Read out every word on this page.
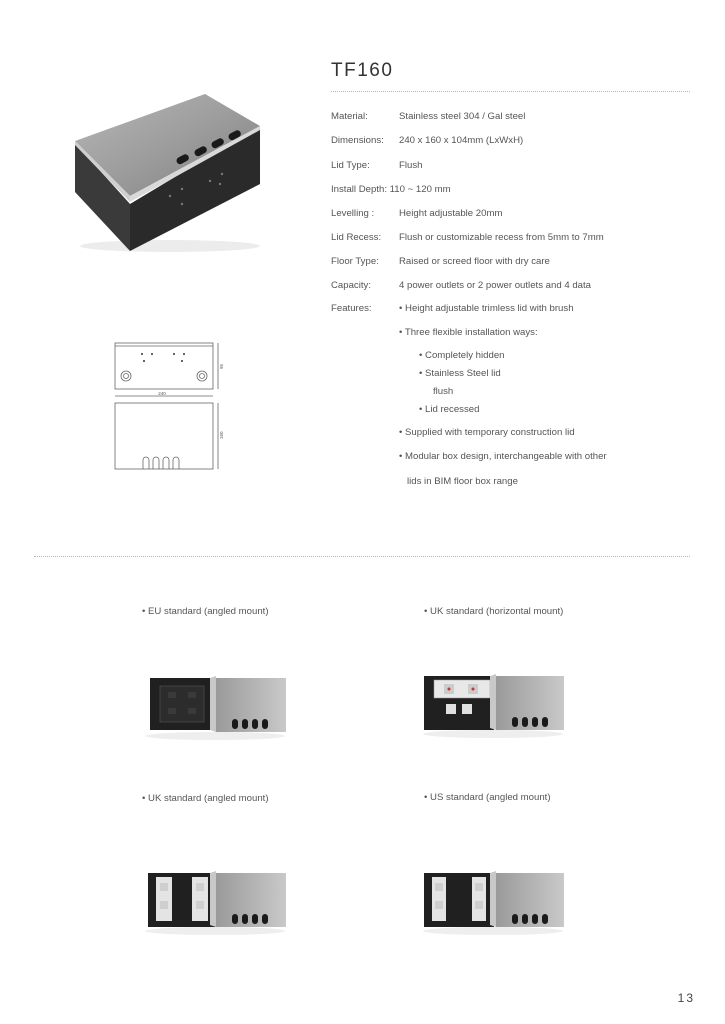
TF160
240
95
160
Material:	Stainless steel 304 / Gal steel
Dimensions: 240 x 160 x 104mm (LxWxH)
Lid Type:	Flush
Install Depth: 110 ~ 120 mm
Levelling :	Height adjustable 20mm
Lid Recess: Flush or customizable recess from 5mm to 7mm
Floor Type: Raised or screed floor with dry care
Capacity:	4 power outlets or 2 power outlets and 4 data
Features:	• Height adjustable trimless lid with brush
• Three flexible installation ways:
• Completely hidden
• Stainless Steel lid
flush
• Lid recessed
• Supplied with temporary construction lid
• Modular box design, interchangeable with other
lids in BIM floor box range
• EU standard (angled mount)	• UK standard (horizontal mount)
• UK standard (angled mount)	• US standard (angled mount)
13
